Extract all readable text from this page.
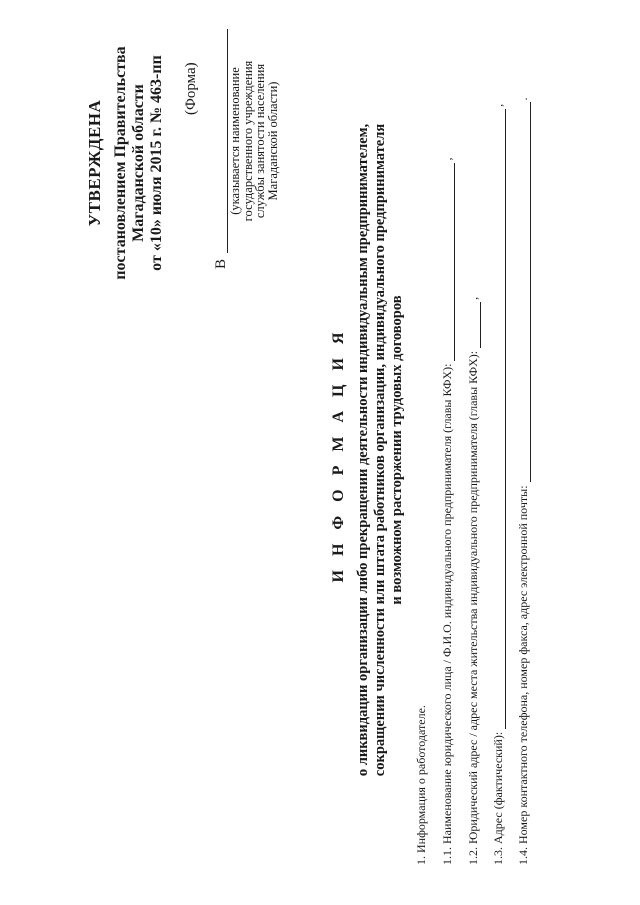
УТВЕРЖДЕНА постановлением Правительства Магаданской области от «10» июля 2015 г. № 463-пп (Форма)
В
(указывается наименование
государственного учреждения
службы занятости населения
Магаданской области)
И Н Ф О Р М А Ц И Я о ликвидации организации либо прекращении деятельности индивидуальным предпринимателем, сокращении численности или штата работников организации, индивидуального предпринимателя и возможном расторжении трудовых договоров
1. Информация о работодателе. 1.1. Наименование юридического лица / Ф.И.О. индивидуального предпринимателя (главы КФХ):
,
1.2. Юридический адрес / адрес места жительства индивидуального предпринимателя (главы КФХ):
,
1.3. Адрес (фактический):
,
1.4. Номер контактного телефона, номер факса, адрес электронной почты:
.
